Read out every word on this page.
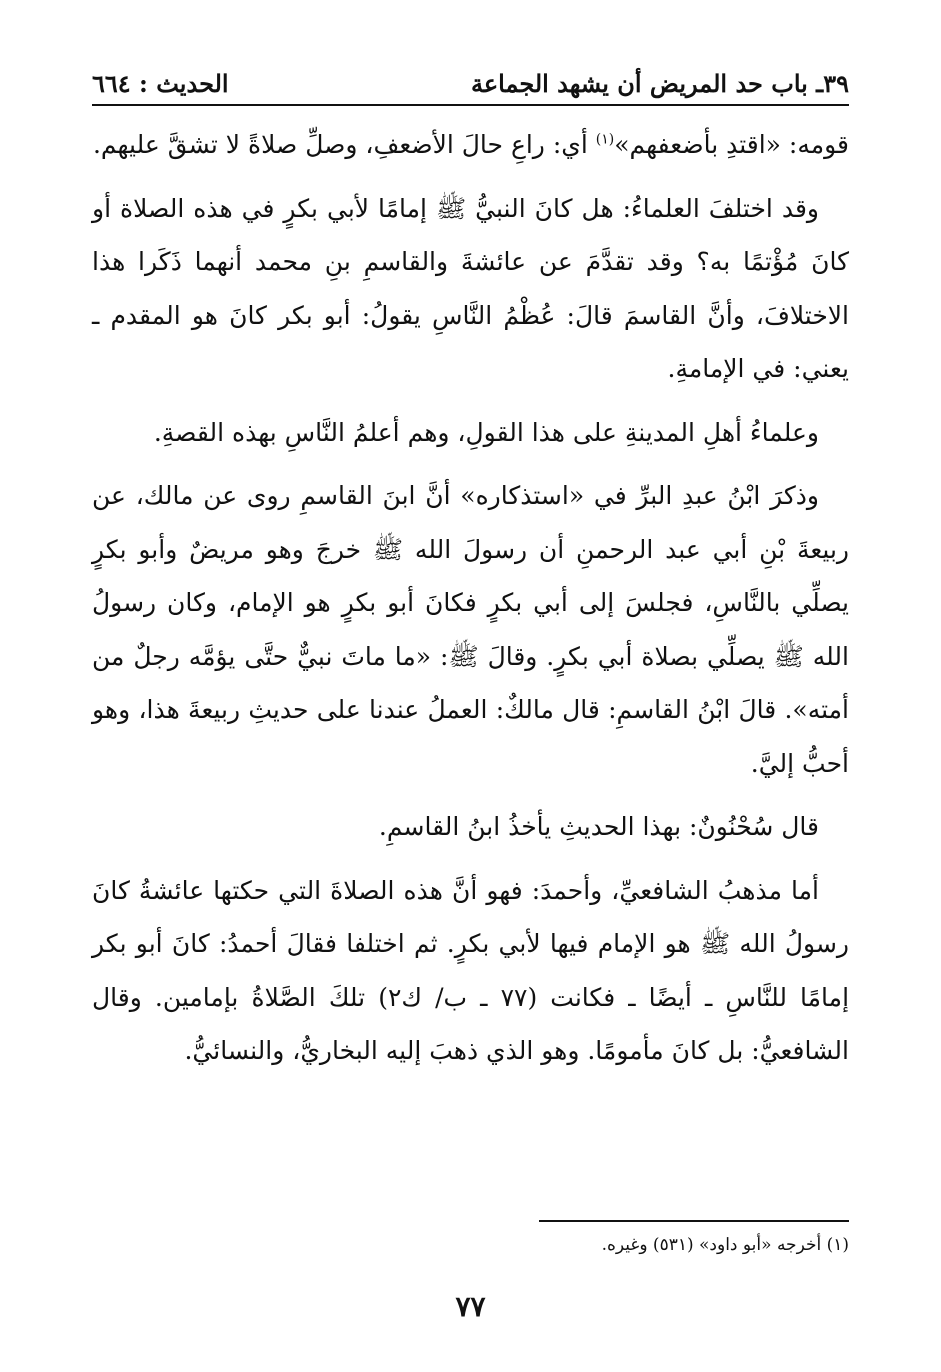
٣٩ـ باب حد المريض أن يشهد الجماعة
الحديث : ٦٦٤

قومه: «اقتدِ بأضعفهم»$^{(١)}$ أي: راعِ حالَ الأضعفِ، وصلِّ صلاةً لا تشقَّ عليهم.

وقد اختلفَ العلماءُ: هل كانَ النبيُّ ﷺ إمامًا لأبي بكرٍ في هذه الصلاة أو كانَ مُؤْتمًا به؟ وقد تقدَّمَ عن عائشةَ والقاسمِ بنِ محمد أنهما ذَكَرا هذا الاختلافَ، وأنَّ القاسمَ قالَ: عُظْمُ النَّاسِ يقولُ: أبو بكر كانَ هو المقدم ـ يعني: في الإمامةِ.

وعلماءُ أهلِ المدينةِ على هذا القولِ، وهم أعلمُ النَّاسِ بهذه القصةِ.

وذكرَ ابْنُ عبدِ البرِّ في «استذكاره» أنَّ ابنَ القاسمِ روى عن مالك، عن ربيعةَ بْنِ أبي عبد الرحمنِ أن رسولَ الله ﷺ خرجَ وهو مريضٌ وأبو بكرٍ يصلِّي بالنَّاسِ، فجلسَ إلى أبي بكرٍ فكانَ أبو بكرٍ هو الإمام، وكان رسولُ الله ﷺ يصلِّي بصلاة أبي بكرٍ. وقالَ ﷺ: «ما ماتَ نبيٌّ حتَّى يؤمَّه رجلٌ من أمته». قالَ ابْنُ القاسمِ: قال مالكٌ: العملُ عندنا على حديثِ ربيعةَ هذا، وهو أحبُّ إليَّ.

قال سُحْنُونٌ: بهذا الحديثِ يأخذُ ابنُ القاسمِ.

أما مذهبُ الشافعيِّ، وأحمدَ: فهو أنَّ هذه الصلاةَ التي حكتها عائشةُ كانَ رسولُ الله ﷺ هو الإمام فيها لأبي بكرٍ. ثم اختلفا فقالَ أحمدُ: كانَ أبو بكر إمامًا للنَّاسِ ـ أيضًا ـ فكانت (٧٧ ـ ب/ ك٢) تلكَ الصَّلاةُ بإمامين. وقال الشافعيُّ: بل كانَ مأمومًا. وهو الذي ذهبَ إليه البخاريُّ، والنسائيُّ.

(١) أخرجه «أبو داود» (٥٣١) وغيره.
٧٧
